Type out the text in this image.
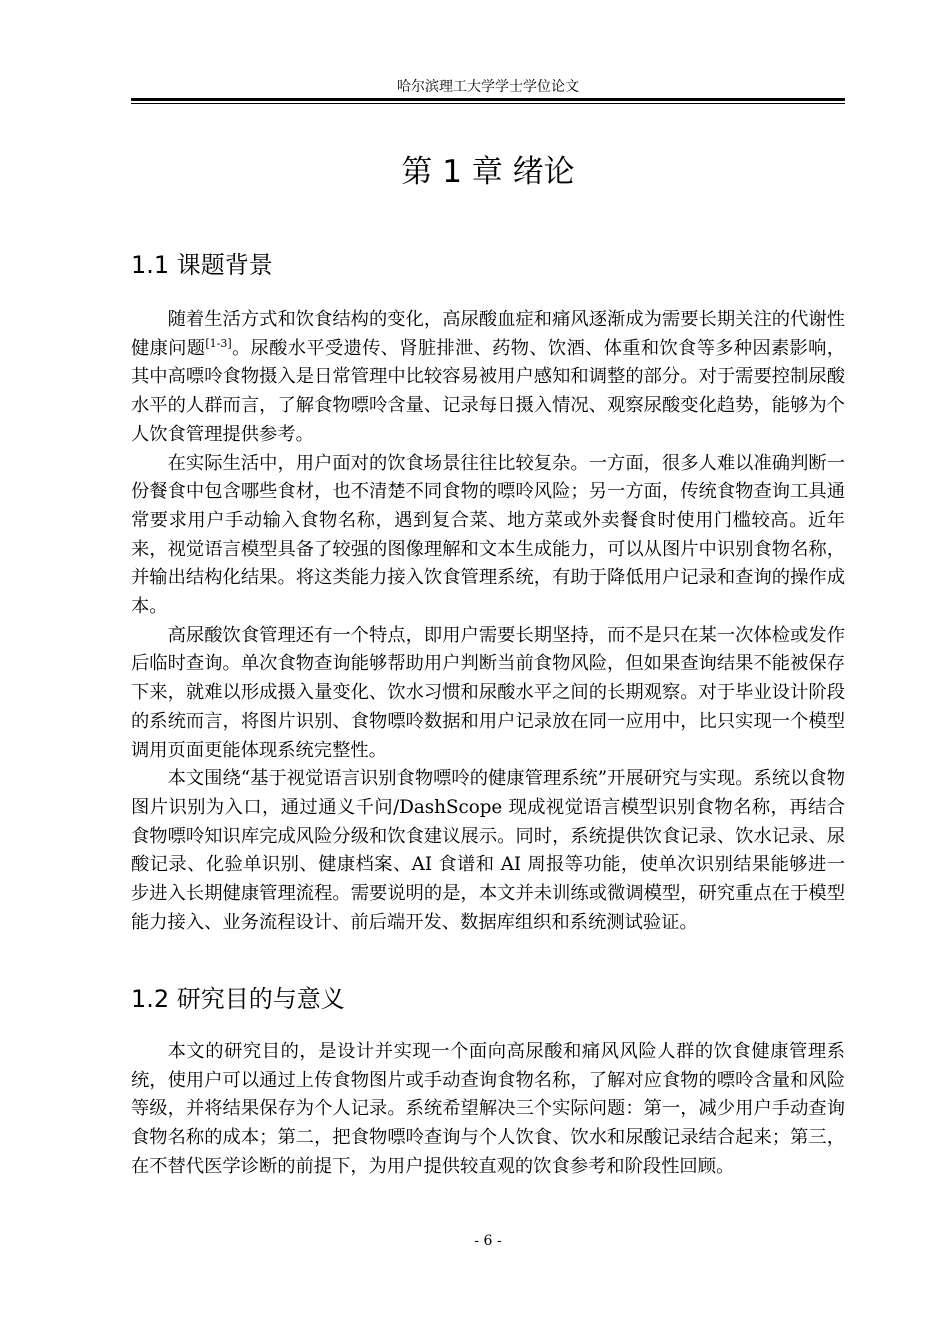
哈尔滨理工大学学士学位论文
第 1 章 绪论
1.1 课题背景

随着生活方式和饮食结构的变化，高尿酸血症和痛风逐渐成为需要长期关注的代谢性健康问题[1-3]。尿酸水平受遗传、肾脏排泄、药物、饮酒、体重和饮食等多种因素影响，其中高嘌呤食物摄入是日常管理中比较容易被用户感知和调整的部分。对于需要控制尿酸水平的人群而言，了解食物嘌呤含量、记录每日摄入情况、观察尿酸变化趋势，能够为个人饮食管理提供参考。

在实际生活中，用户面对的饮食场景往往比较复杂。一方面，很多人难以准确判断一份餐食中包含哪些食材，也不清楚不同食物的嘌呤风险；另一方面，传统食物查询工具通常要求用户手动输入食物名称，遇到复合菜、地方菜或外卖餐食时使用门槛较高。近年来，视觉语言模型具备了较强的图像理解和文本生成能力，可以从图片中识别食物名称，并输出结构化结果。将这类能力接入饮食管理系统，有助于降低用户记录和查询的操作成本。

高尿酸饮食管理还有一个特点，即用户需要长期坚持，而不是只在某一次体检或发作后临时查询。单次食物查询能够帮助用户判断当前食物风险，但如果查询结果不能被保存下来，就难以形成摄入量变化、饮水习惯和尿酸水平之间的长期观察。对于毕业设计阶段的系统而言，将图片识别、食物嘌呤数据和用户记录放在同一应用中，比只实现一个模型调用页面更能体现系统完整性。

本文围绕“基于视觉语言识别食物嘌呤的健康管理系统”开展研究与实现。系统以食物图片识别为入口，通过通义千问/DashScope 现成视觉语言模型识别食物名称，再结合食物嘌呤知识库完成风险分级和饮食建议展示。同时，系统提供饮食记录、饮水记录、尿酸记录、化验单识别、健康档案、AI 食谱和 AI 周报等功能，使单次识别结果能够进一步进入长期健康管理流程。需要说明的是，本文并未训练或微调模型，研究重点在于模型能力接入、业务流程设计、前后端开发、数据库组织和系统测试验证。

1.2 研究目的与意义

本文的研究目的，是设计并实现一个面向高尿酸和痛风风险人群的饮食健康管理系统，使用户可以通过上传食物图片或手动查询食物名称，了解对应食物的嘌呤含量和风险等级，并将结果保存为个人记录。系统希望解决三个实际问题：第一，减少用户手动查询食物名称的成本；第二，把食物嘌呤查询与个人饮食、饮水和尿酸记录结合起来；第三，在不替代医学诊断的前提下，为用户提供较直观的饮食参考和阶段性回顾。

- 6 -
